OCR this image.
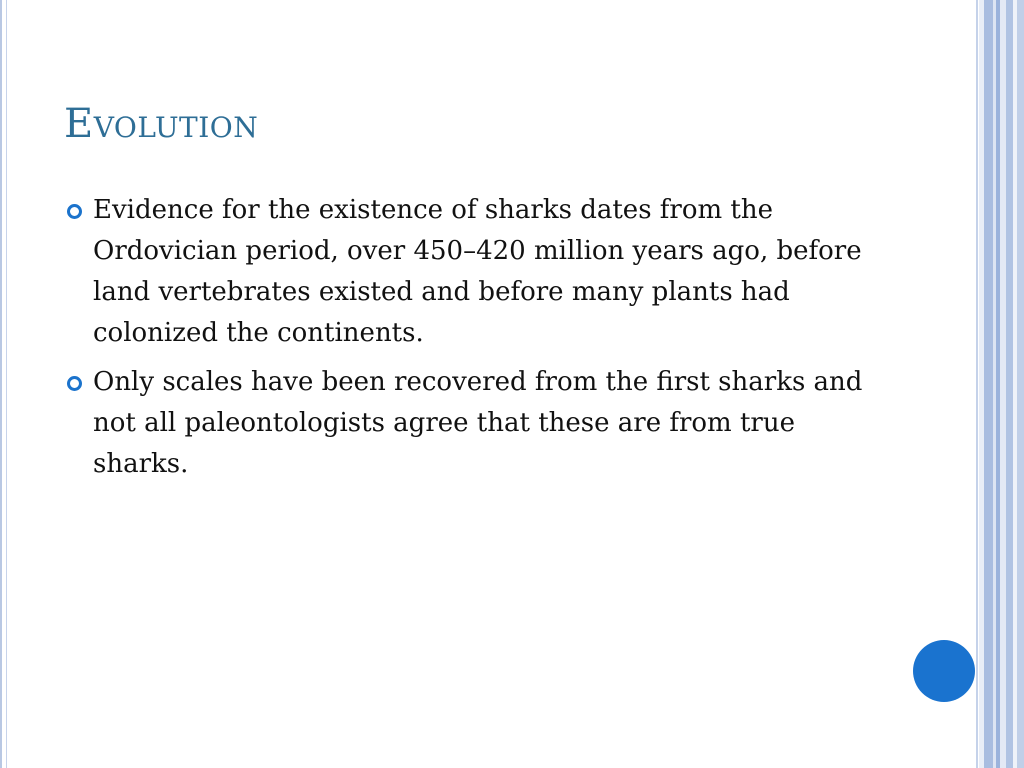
Evolution
Evidence for the existence of sharks dates from the Ordovician period, over 450–420 million years ago, before land vertebrates existed and before many plants had colonized the continents.
Only scales have been recovered from the first sharks and not all paleontologists agree that these are from true sharks.
